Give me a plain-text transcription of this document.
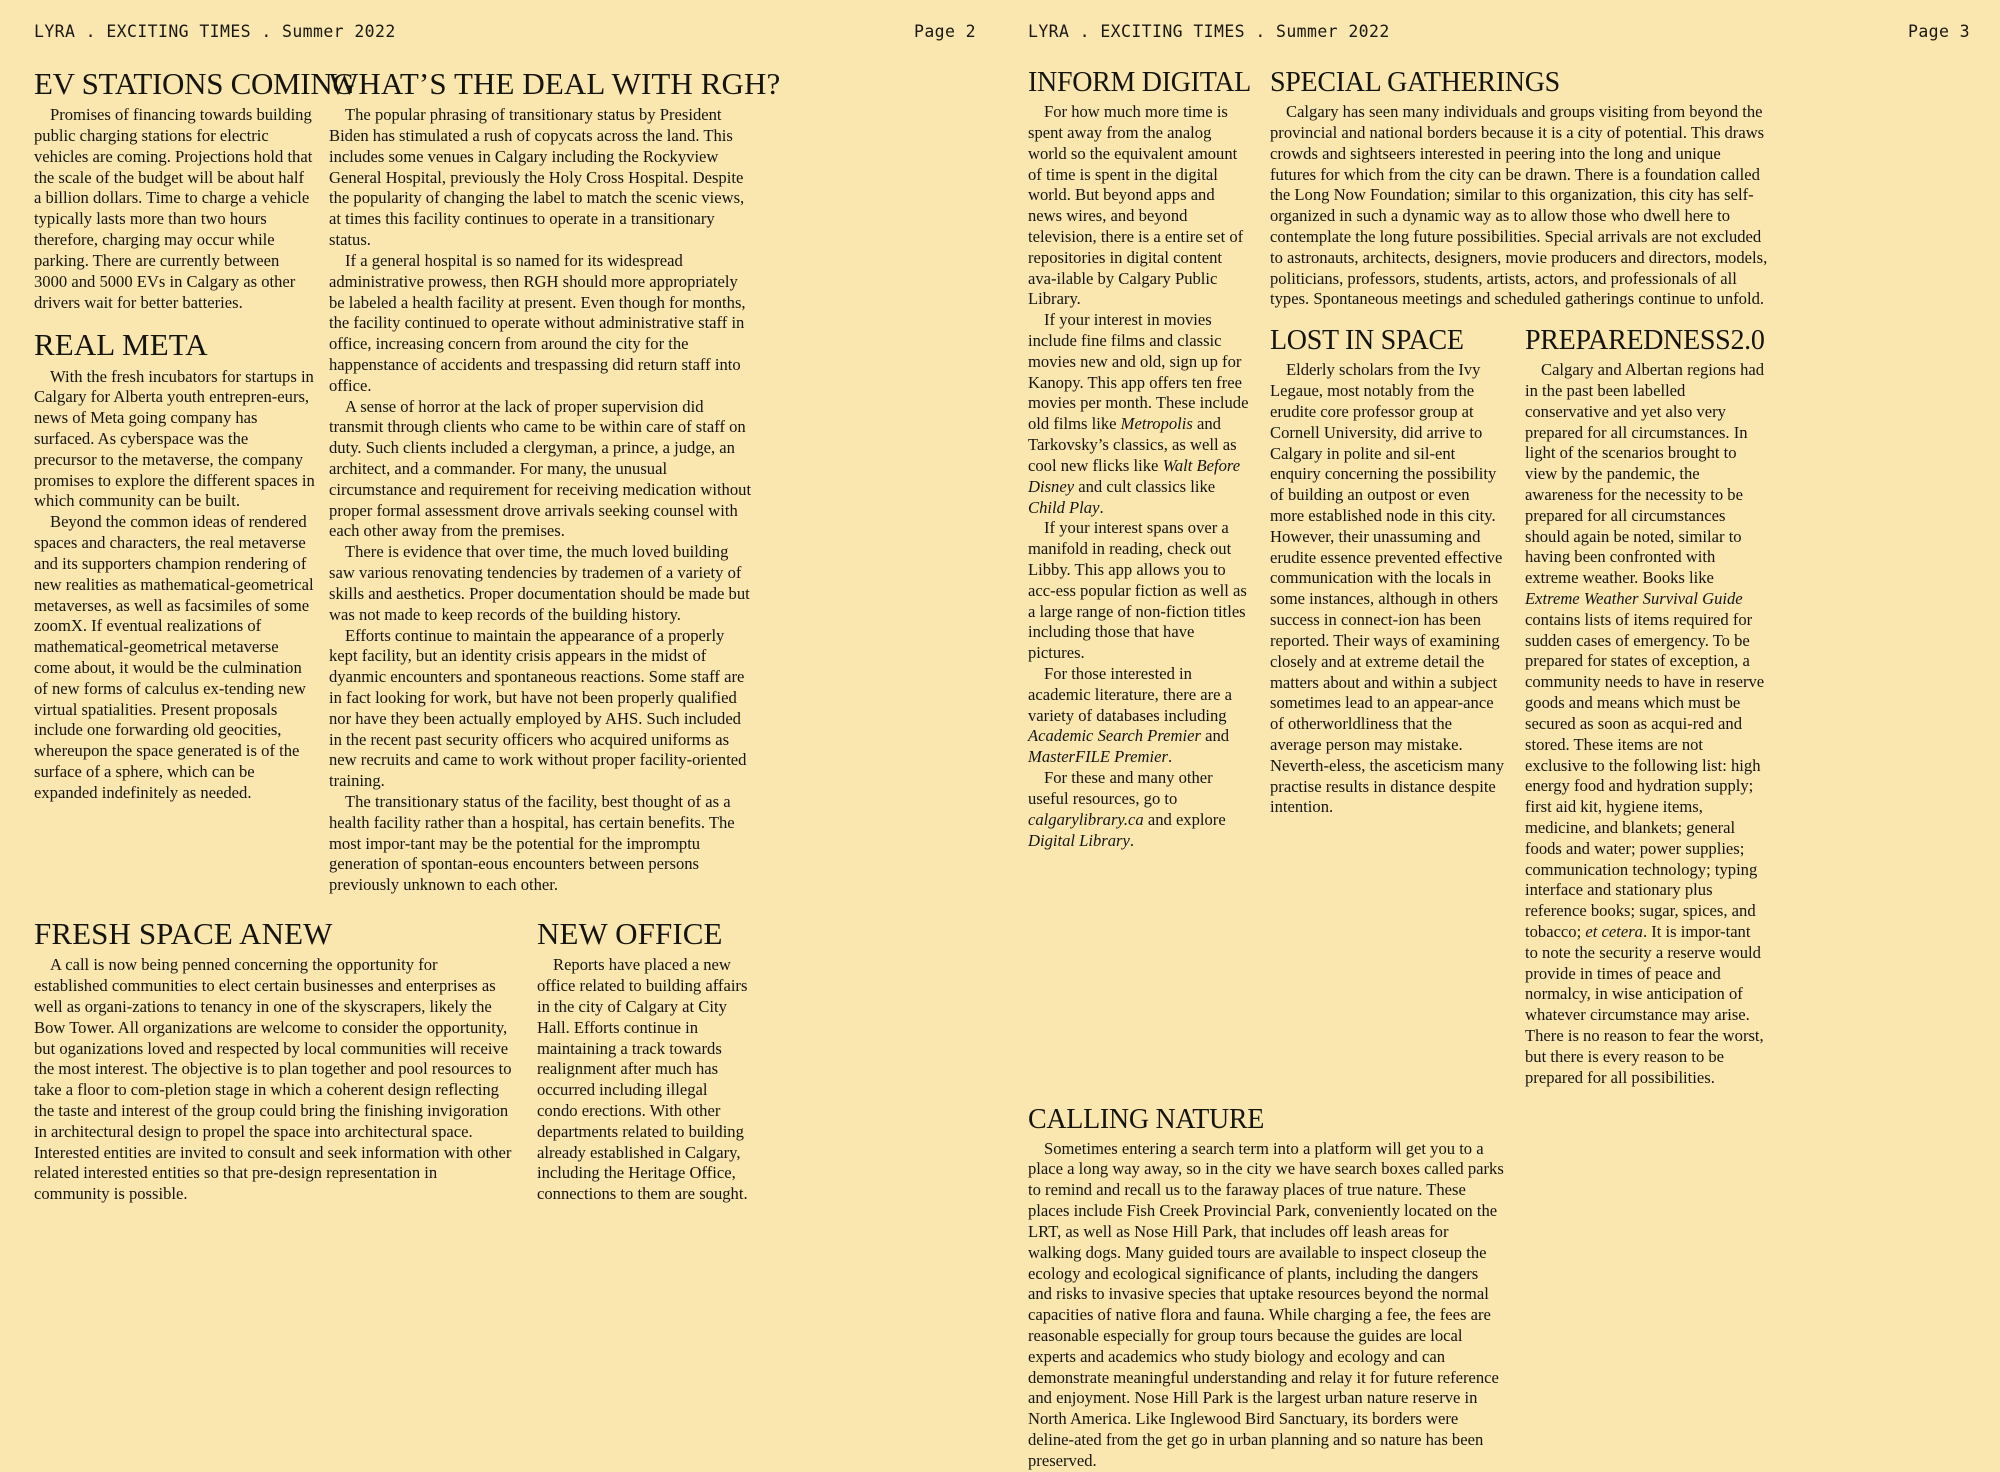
LYRA . EXCITING TIMES . Summer 2022	Page 2
EV STATIONS COMING

Promises of financing towards building public charging stations for electric vehicles are coming. Projections hold that the scale of the budget will be about half a billion dollars. Time to charge a vehicle typically lasts more than two hours therefore, charging may occur while parking. There are currently between 3000 and 5000 EVs in Calgary as other drivers wait for better batteries.

REAL META

With the fresh incubators for startups in Calgary for Alberta youth entrepren-eurs, news of Meta going company has surfaced. As cyberspace was the precursor to the metaverse, the company promises to explore the different spaces in which community can be built.

Beyond the common ideas of rendered spaces and characters, the real metaverse and its supporters champion rendering of new realities as mathematical-geometrical metaverses, as well as facsimiles of some zoomX. If eventual realizations of mathematical-geometrical metaverse come about, it would be the culmination of new forms of calculus ex-tending new virtual spatialities. Present proposals include one forwarding old geocities, whereupon the space generated is of the surface of a sphere, which can be expanded indefinitely as needed.

WHAT’S THE DEAL WITH RGH?

The popular phrasing of transitionary status by President Biden has stimulated a rush of copycats across the land. This includes some venues in Calgary including the Rockyview General Hospital, previously the Holy Cross Hospital. Despite the popularity of changing the label to match the scenic views, at times this facility continues to operate in a transitionary status.

If a general hospital is so named for its widespread administrative prowess, then RGH should more appropriately be labeled a health facility at present. Even though for months, the facility continued to operate without administrative staff in office, increasing concern from around the city for the happenstance of accidents and trespassing did return staff into office.

A sense of horror at the lack of proper supervision did transmit through clients who came to be within care of staff on duty. Such clients included a clergyman, a prince, a judge, an architect, and a commander. For many, the unusual circumstance and requirement for receiving medication without proper formal assessment drove arrivals seeking counsel with each other away from the premises.

There is evidence that over time, the much loved building saw various renovating tendencies by trademen of a variety of skills and aesthetics. Proper documentation should be made but was not made to keep records of the building history.

Efforts continue to maintain the appearance of a properly kept facility, but an identity crisis appears in the midst of dyanmic encounters and spontaneous reactions. Some staff are in fact looking for work, but have not been properly qualified nor have they been actually employed by AHS. Such included in the recent past security officers who acquired uniforms as new recruits and came to work without proper facility-oriented training.

The transitionary status of the facility, best thought of as a health facility rather than a hospital, has certain benefits. The most impor-tant may be the potential for the impromptu generation of spontan-eous encounters between persons previously unknown to each other.

FRESH SPACE ANEW

A call is now being penned concerning the opportunity for established communities to elect certain businesses and enterprises as well as organi-zations to tenancy in one of the skyscrapers, likely the Bow Tower. All organizations are welcome to consider the opportunity, but oganizations loved and respected by local communities will receive the most interest. The objective is to plan together and pool resources to take a floor to com-pletion stage in which a coherent design reflecting the taste and interest of the group could bring the finishing invigoration in architectural design to propel the space into architectural space. Interested entities are invited to consult and seek information with other related interested entities so that pre-design representation in community is possible.

NEW OFFICE

Reports have placed a new office related to building affairs in the city of Calgary at City Hall. Efforts continue in maintaining a track towards realignment after much has occurred including illegal condo erections. With other departments related to building already established in Calgary, including the Heritage Office, connections to them are sought.

LYRA . EXCITING TIMES . Summer 2022	Page 3
INFORM DIGITAL

For how much more time is spent away from the analog world so the equivalent amount of time is spent in the digital world. But beyond apps and news wires, and beyond television, there is a entire set of repositories in digital content ava-ilable by Calgary Public Library.

If your interest in movies include fine films and classic movies new and old, sign up for Kanopy. This app offers ten free movies per month. These include old films like Metropolis and Tarkovsky’s classics, as well as cool new flicks like Walt Before Disney and cult classics like Child Play.

If your interest spans over a manifold in reading, check out Libby. This app allows you to acc-ess popular fiction as well as a large range of non-fiction titles including those that have pictures.

For those interested in academic literature, there are a variety of databases including Academic Search Premier and MasterFILE Premier.

For these and many other useful resources, go to calgarylibrary.ca and explore Digital Library.

SPECIAL GATHERINGS

Calgary has seen many individuals and groups visiting from beyond the provincial and national borders because it is a city of potential. This draws crowds and sightseers interested in peering into the long and unique futures for which from the city can be drawn. There is a foundation called the Long Now Foundation; similar to this organization, this city has self-organized in such a dynamic way as to allow those who dwell here to contemplate the long future possibilities. Special arrivals are not excluded to astronauts, architects, designers, movie producers and directors, models, politicians, professors, students, artists, actors, and professionals of all types. Spontaneous meetings and scheduled gatherings continue to unfold.

LOST IN SPACE

Elderly scholars from the Ivy Legaue, most notably from the erudite core professor group at Cornell University, did arrive to Calgary in polite and sil-ent enquiry concerning the possibility of building an outpost or even more established node in this city. However, their unassuming and erudite essence prevented effective communication with the locals in some instances, although in others success in connect-ion has been reported. Their ways of examining closely and at extreme detail the matters about and within a subject sometimes lead to an appear-ance of otherworldliness that the average person may mistake. Neverth-eless, the asceticism many practise results in distance despite intention.

PREPAREDNESS2.0

Calgary and Albertan regions had in the past been labelled conservative and yet also very prepared for all circumstances. In light of the scenarios brought to view by the pandemic, the awareness for the necessity to be prepared for all circumstances should again be noted, similar to having been confronted with extreme weather. Books like Extreme Weather Survival Guide contains lists of items required for sudden cases of emergency. To be prepared for states of exception, a community needs to have in reserve goods and means which must be secured as soon as acqui-red and stored. These items are not exclusive to the following list: high energy food and hydration supply; first aid kit, hygiene items, medicine, and blankets; general foods and water; power supplies; communication technology; typing interface and stationary plus reference books; sugar, spices, and tobacco; et cetera. It is impor-tant to note the security a reserve would provide in times of peace and normalcy, in wise anticipation of whatever circumstance may arise. There is no reason to fear the worst, but there is every reason to be prepared for all possibilities.

CALLING NATURE

Sometimes entering a search term into a platform will get you to a place a long way away, so in the city we have search boxes called parks to remind and recall us to the faraway places of true nature. These places include Fish Creek Provincial Park, conveniently located on the LRT, as well as Nose Hill Park, that includes off leash areas for walking dogs. Many guided tours are available to inspect closeup the ecology and ecological significance of plants, including the dangers and risks to invasive species that uptake resources beyond the normal capacities of native flora and fauna. While charging a fee, the fees are reasonable especially for group tours because the guides are local experts and academics who study biology and ecology and can demonstrate meaningful understanding and relay it for future reference and enjoyment. Nose Hill Park is the largest urban nature reserve in North America. Like Inglewood Bird Sanctuary, its borders were deline-ated from the get go in urban planning and so nature has been preserved.
